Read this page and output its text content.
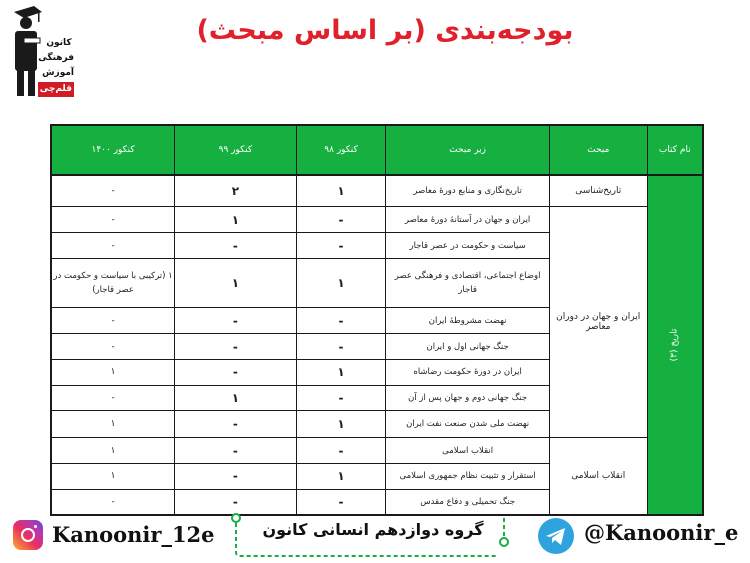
بودجه‌بندی (بر اساس مبحث)
کانون
فرهنگی
آموزش
قلم‌چی
نام کتاب	مبحث	زیر مبحث	کنکور ۹۸	کنکور ۹۹	کنکور ۱۴۰۰
تاریخ (۳)	تاریخ‌شناسی	تاریخ‌نگاری و منابع دورهٔ معاصر	۱	۲	-
	ایران و جهان در دوران معاصر	ایران و جهان در آستانهٔ دورهٔ معاصر	-	۱	-
		سیاست و حکومت در عصر قاجار	-	-	-
		اوضاع اجتماعی، اقتصادی و فرهنگی عصر قاجار	۱	۱	۱ (ترکیبی با سیاست و حکومت در عصر قاجار)
		نهضت مشروطهٔ ایران	-	-	-
		جنگ جهانی اول و ایران	-	-	-
		ایران در دورهٔ حکومت رضاشاه	۱	-	۱
		جنگ جهانی دوم و جهان پس از آن	-	۱	-
		نهضت ملی شدن صنعت نفت ایران	۱	-	۱
	انقلاب اسلامی	انقلاب اسلامی	-	-	۱
		استقرار و تثبیت نظام جمهوری اسلامی	۱	-	۱
		جنگ تحمیلی و دفاع مقدس	-	-	-
Kanoonir_12e	گروه دوازدهم انسانی کانون	@Kanoonir_e
